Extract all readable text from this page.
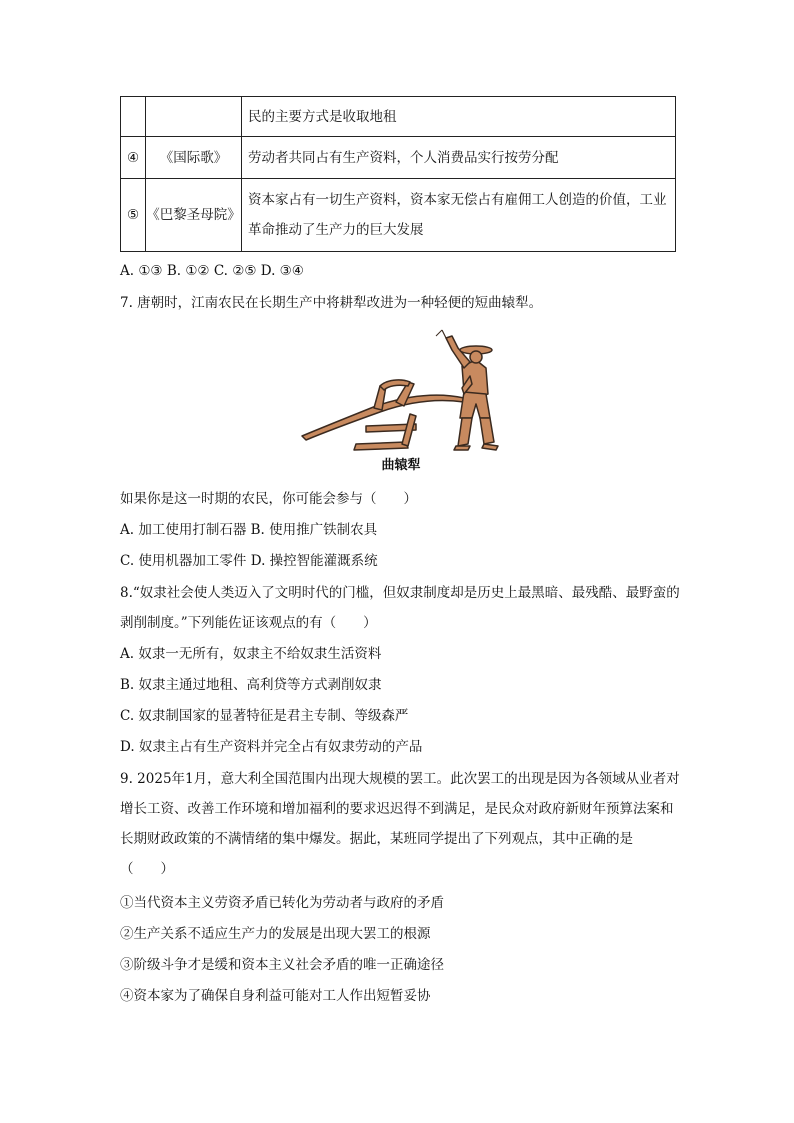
		民的主要方式是收取地租
④	《国际歌》	劳动者共同占有生产资料，个人消费品实行按劳分配
⑤	《巴黎圣母院》	资本家占有一切生产资料，资本家无偿占有雇佣工人创造的价值，工业革命推动了生产力的巨大发展
A. ①③ B. ①② C. ②⑤ D. ③④
7. 唐朝时，江南农民在长期生产中将耕犁改进为一种轻便的短曲辕犁。
曲辕犁
如果你是这一时期的农民，你可能会参与（　　）
A. 加工使用打制石器 B. 使用推广铁制农具
C. 使用机器加工零件 D. 操控智能灌溉系统
8.“奴隶社会使人类迈入了文明时代的门槛，但奴隶制度却是历史上最黑暗、最残酷、最野蛮的剥削制度。”下列能佐证该观点的有（　　）
A. 奴隶一无所有，奴隶主不给奴隶生活资料
B. 奴隶主通过地租、高利贷等方式剥削奴隶
C. 奴隶制国家的显著特征是君主专制、等级森严
D. 奴隶主占有生产资料并完全占有奴隶劳动的产品
9. 2025年1月，意大利全国范围内出现大规模的罢工。此次罢工的出现是因为各领域从业者对增长工资、改善工作环境和增加福利的要求迟迟得不到满足，是民众对政府新财年预算法案和长期财政政策的不满情绪的集中爆发。据此，某班同学提出了下列观点，其中正确的是（　　）
①当代资本主义劳资矛盾已转化为劳动者与政府的矛盾
②生产关系不适应生产力的发展是出现大罢工的根源
③阶级斗争才是缓和资本主义社会矛盾的唯一正确途径
④资本家为了确保自身利益可能对工人作出短暂妥协
